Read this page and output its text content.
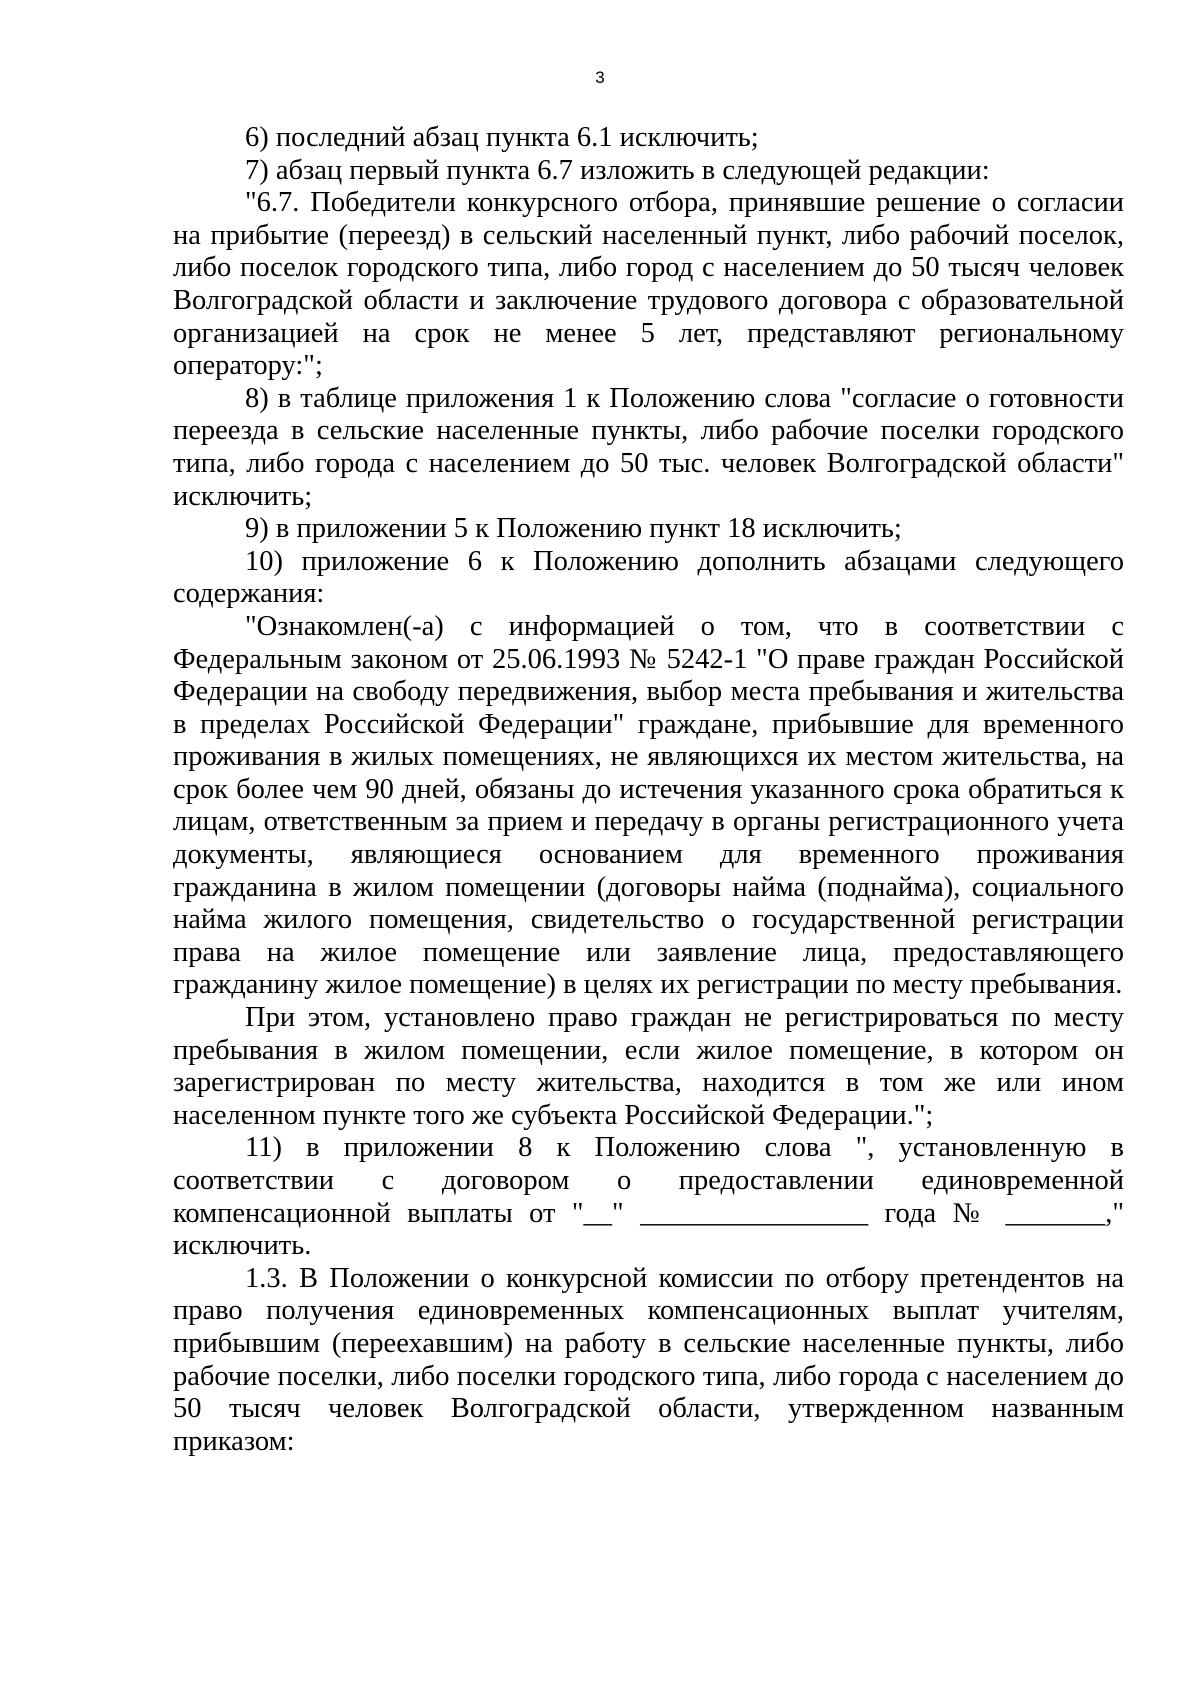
3

6) последний абзац пункта 6.1 исключить;

7) абзац первый пункта 6.7 изложить в следующей редакции:

"6.7. Победители конкурсного отбора, принявшие решение о согласии на прибытие (переезд) в сельский населенный пункт, либо рабочий поселок, либо поселок городского типа, либо город с населением до 50 тысяч человек Волгоградской области и заключение трудового договора с образовательной организацией на срок не менее 5 лет, представляют региональному оператору:";

8) в таблице приложения 1 к Положению слова "согласие о готовности переезда в сельские населенные пункты, либо рабочие поселки городского типа, либо города с населением до 50 тыс. человек Волгоградской области" исключить;

9) в приложении 5 к Положению пункт 18 исключить;

10) приложение 6 к Положению дополнить абзацами следующего содержания:

"Ознакомлен(-а) с информацией о том, что в соответствии с Федеральным законом от 25.06.1993 № 5242-1 "О праве граждан Российской Федерации на свободу передвижения, выбор места пребывания и жительства в пределах Российской Федерации" граждане, прибывшие для временного проживания в жилых помещениях, не являющихся их местом жительства, на срок более чем 90 дней, обязаны до истечения указанного срока обратиться к лицам, ответственным за прием и передачу в органы регистрационного учета документы, являющиеся основанием для временного проживания гражданина в жилом помещении (договоры найма (поднайма), социального найма жилого помещения, свидетельство о государственной регистрации права на жилое помещение или заявление лица, предоставляющего гражданину жилое помещение) в целях их регистрации по месту пребывания.

При этом, установлено право граждан не регистрироваться по месту пребывания в жилом помещении, если жилое помещение, в котором он зарегистрирован по месту жительства, находится в том же или ином населенном пункте того же субъекта Российской Федерации.";

11) в приложении 8 к Положению слова ", установленную в соответствии с договором о предоставлении единовременной компенсационной выплаты от "__" ________________ года № _______," исключить.

1.3. В Положении о конкурсной комиссии по отбору претендентов на право получения единовременных компенсационных выплат учителям, прибывшим (переехавшим) на работу в сельские населенные пункты, либо рабочие поселки, либо поселки городского типа, либо города с населением до 50 тысяч человек Волгоградской области, утвержденном названным приказом:
